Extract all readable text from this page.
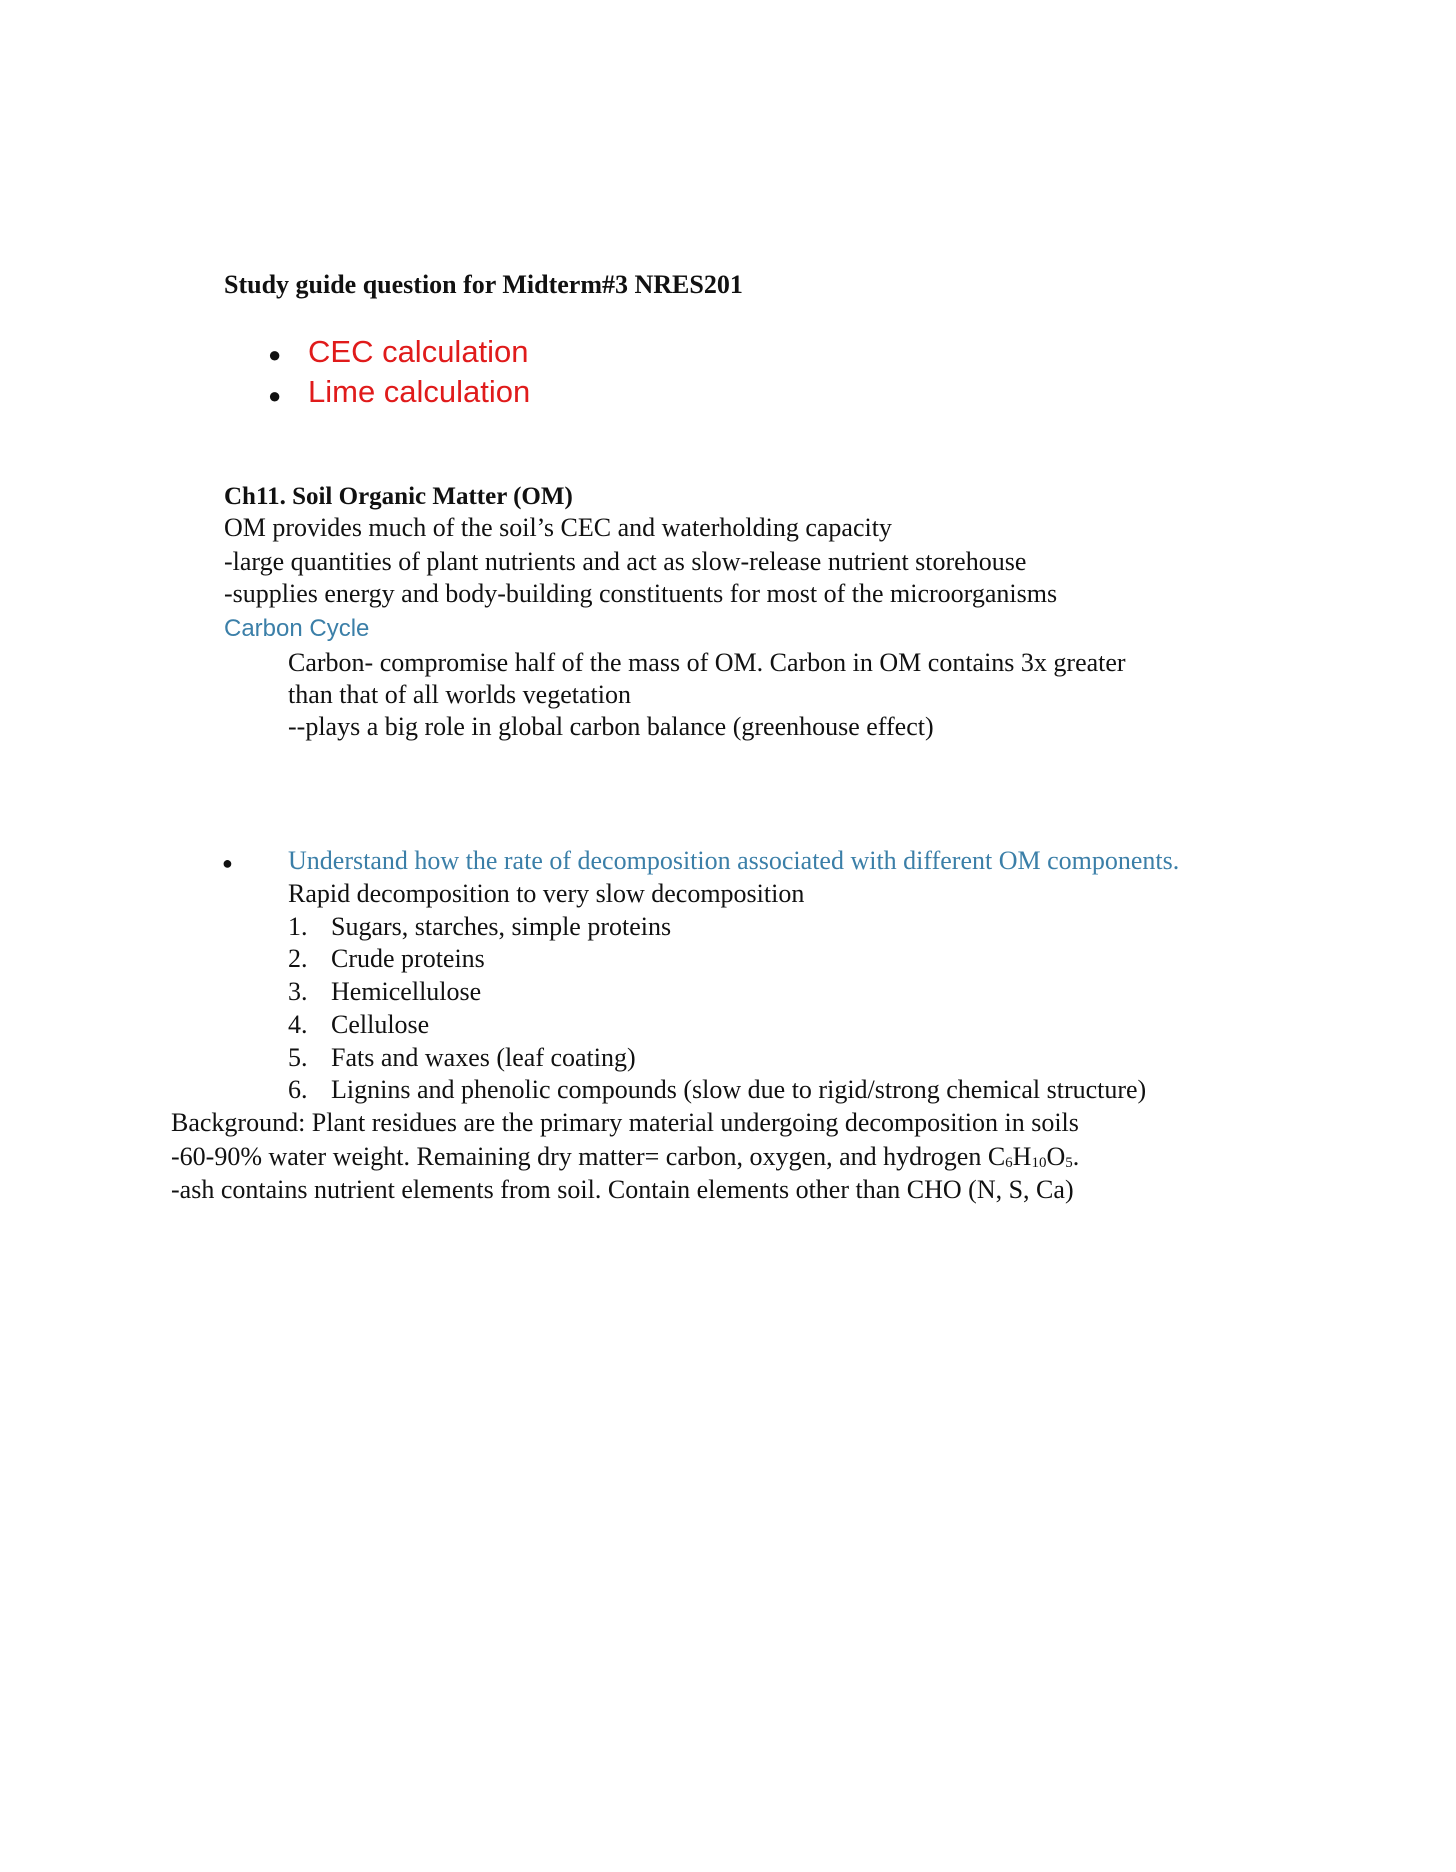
Study guide question for Midterm#3 NRES201
● CEC calculation
● Lime calculation
Ch11. Soil Organic Matter (OM)
OM provides much of the soil’s CEC and waterholding capacity
-large quantities of plant nutrients and act as slow-release nutrient storehouse
-supplies energy and body-building constituents for most of the microorganisms
Carbon Cycle
Carbon- compromise half of the mass of OM. Carbon in OM contains 3x greater
than that of all worlds vegetation
--plays a big role in global carbon balance (greenhouse effect)
● Understand how the rate of decomposition associated with different OM components.
Rapid decomposition to very slow decomposition
1. Sugars, starches, simple proteins
2. Crude proteins
3. Hemicellulose
4. Cellulose
5. Fats and waxes (leaf coating)
6. Lignins and phenolic compounds (slow due to rigid/strong chemical structure)
Background: Plant residues are the primary material undergoing decomposition in soils
-60-90% water weight. Remaining dry matter= carbon, oxygen, and hydrogen $C_6H_{10}O_5$.
-ash contains nutrient elements from soil. Contain elements other than CHO (N, S, Ca)
